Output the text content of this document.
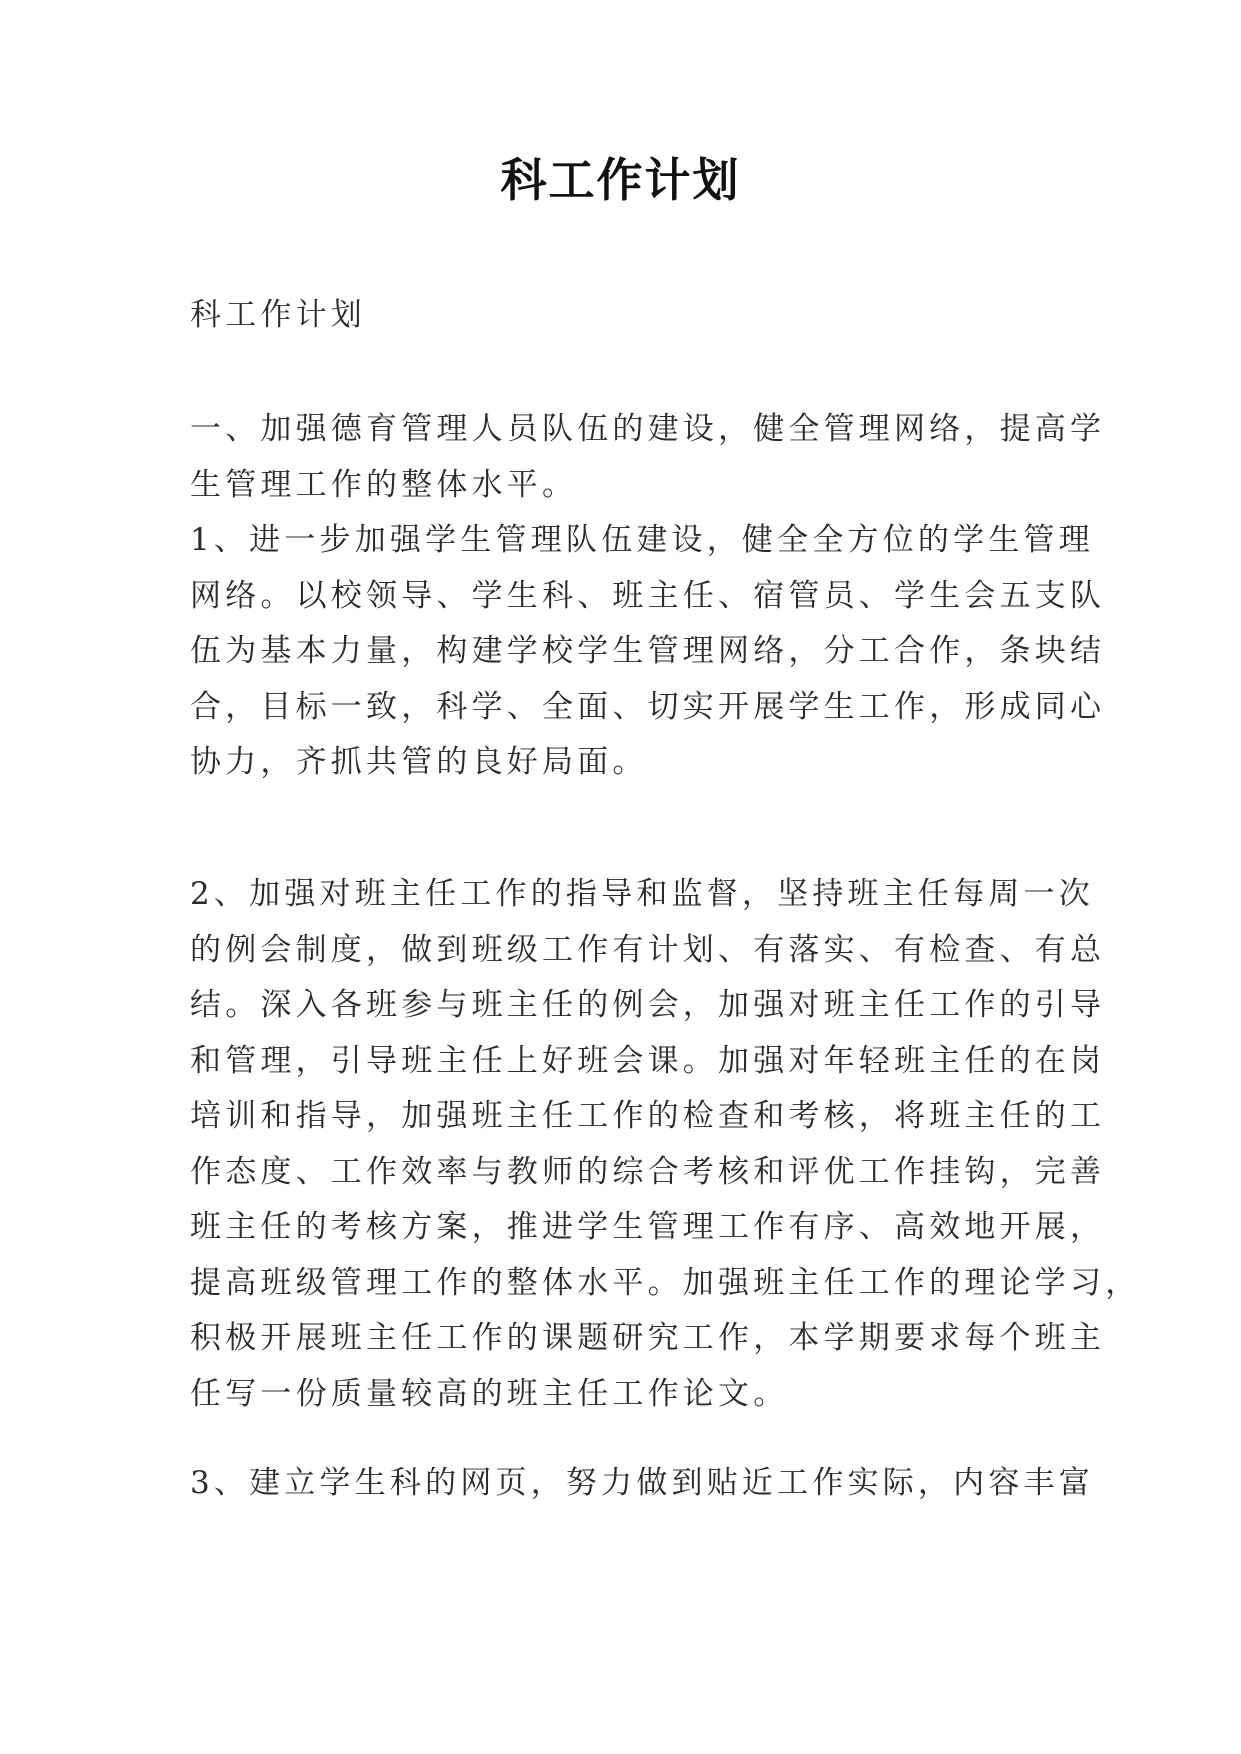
科工作计划
科工作计划
一、加强德育管理人员队伍的建设，健全管理网络，提高学
生管理工作的整体水平。
1、进一步加强学生管理队伍建设，健全全方位的学生管理
网络。以校领导、学生科、班主任、宿管员、学生会五支队
伍为基本力量，构建学校学生管理网络，分工合作，条块结
合，目标一致，科学、全面、切实开展学生工作，形成同心
协力，齐抓共管的良好局面。
2、加强对班主任工作的指导和监督，坚持班主任每周一次
的例会制度，做到班级工作有计划、有落实、有检查、有总
结。深入各班参与班主任的例会，加强对班主任工作的引导
和管理，引导班主任上好班会课。加强对年轻班主任的在岗
培训和指导，加强班主任工作的检查和考核，将班主任的工
作态度、工作效率与教师的综合考核和评优工作挂钩，完善
班主任的考核方案，推进学生管理工作有序、高效地开展，
提高班级管理工作的整体水平。加强班主任工作的理论学习，
积极开展班主任工作的课题研究工作，本学期要求每个班主
任写一份质量较高的班主任工作论文。
3、建立学生科的网页，努力做到贴近工作实际，内容丰富
